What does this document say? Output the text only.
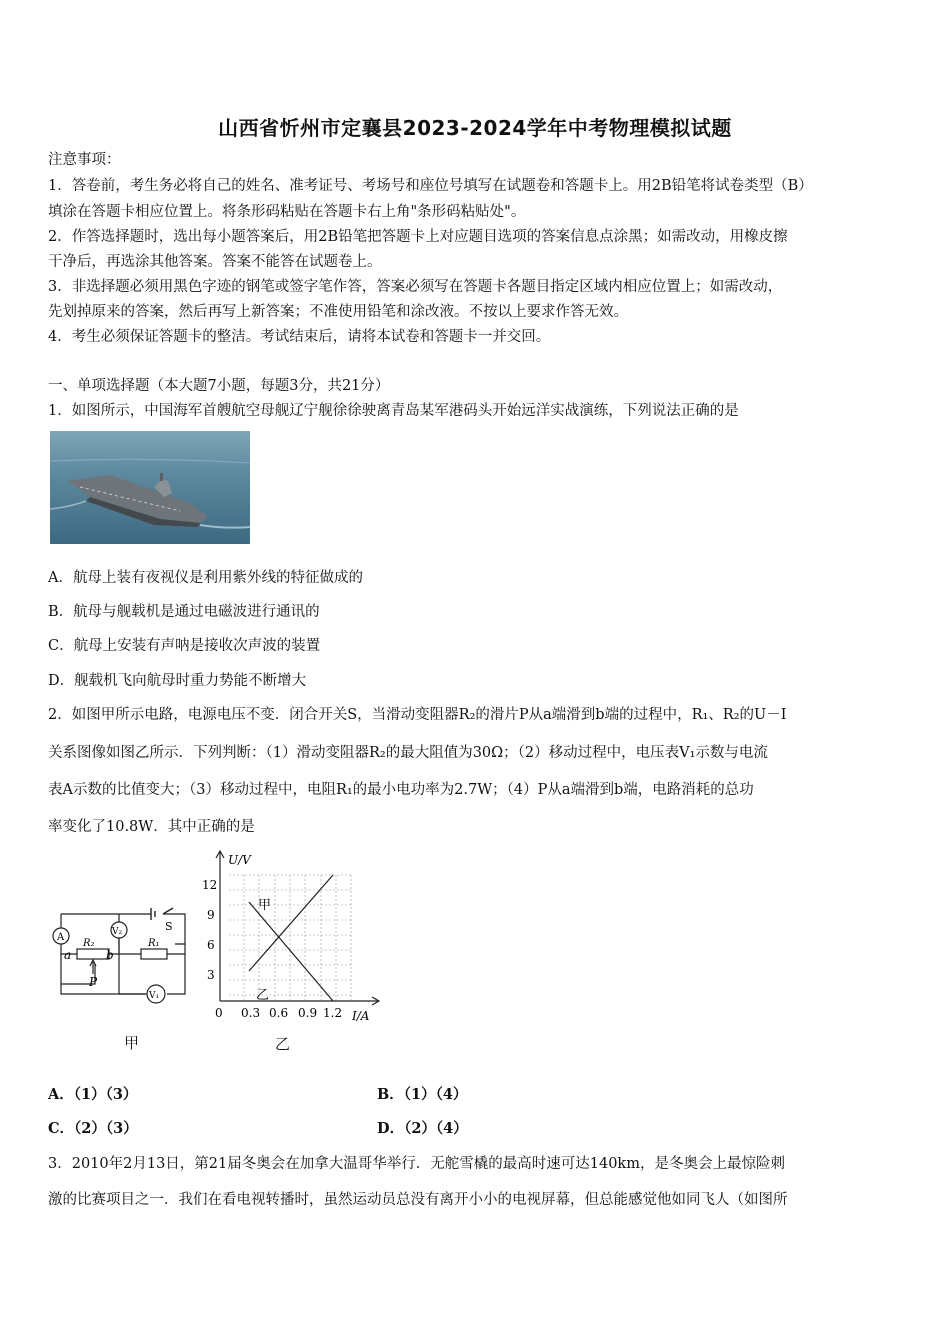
山西省忻州市定襄县2023-2024学年中考物理模拟试题
注意事项：
1．答卷前，考生务必将自己的姓名、准考证号、考场号和座位号填写在试题卷和答题卡上。用2B铅笔将试卷类型（B）
填涂在答题卡相应位置上。将条形码粘贴在答题卡右上角"条形码粘贴处"。
2．作答选择题时，选出每小题答案后，用2B铅笔把答题卡上对应题目选项的答案信息点涂黑；如需改动，用橡皮擦
干净后，再选涂其他答案。答案不能答在试题卷上。
3．非选择题必须用黑色字迹的钢笔或签字笔作答，答案必须写在答题卡各题目指定区域内相应位置上；如需改动，
先划掉原来的答案，然后再写上新答案；不准使用铅笔和涂改液。不按以上要求作答无效。
4．考生必须保证答题卡的整洁。考试结束后，请将本试卷和答题卡一并交回。
一、单项选择题（本大题7小题，每题3分，共21分）
1．如图所示，中国海军首艘航空母舰辽宁舰徐徐驶离青岛某军港码头开始远洋实战演练，下列说法正确的是
A．航母上装有夜视仪是利用紫外线的特征做成的
B．航母与舰载机是通过电磁波进行通讯的
C．航母上安装有声呐是接收次声波的装置
D．舰载机飞向航母时重力势能不断增大
2．如图甲所示电路，电源电压不变．闭合开关S，当滑动变阻器R₂的滑片P从a端滑到b端的过程中，R₁、R₂的U－I
关系图像如图乙所示．下列判断：（1）滑动变阻器R₂的最大阻值为30Ω；（2）移动过程中，电压表V₁示数与电流
表A示数的比值变大；（3）移动过程中，电阻R₁的最小电功率为2.7W；（4）P从a端滑到b端，电路消耗的总功
率变化了10.8W．其中正确的是
A	V₂
V₁
R₂	R₁
a	b
P
S
U/V
I/A
12
9
6
3
0 0.3 0.6 0.9 1.2
甲
乙
甲	乙
A．（1）（3）	B．（1）（4）
C．（2）（3）	D．（2）（4）
3．2010年2月13日，第21届冬奥会在加拿大温哥华举行．无舵雪橇的最高时速可达140km，是冬奥会上最惊险刺
激的比赛项目之一．我们在看电视转播时，虽然运动员总没有离开小小的电视屏幕，但总能感觉他如同飞人（如图所
